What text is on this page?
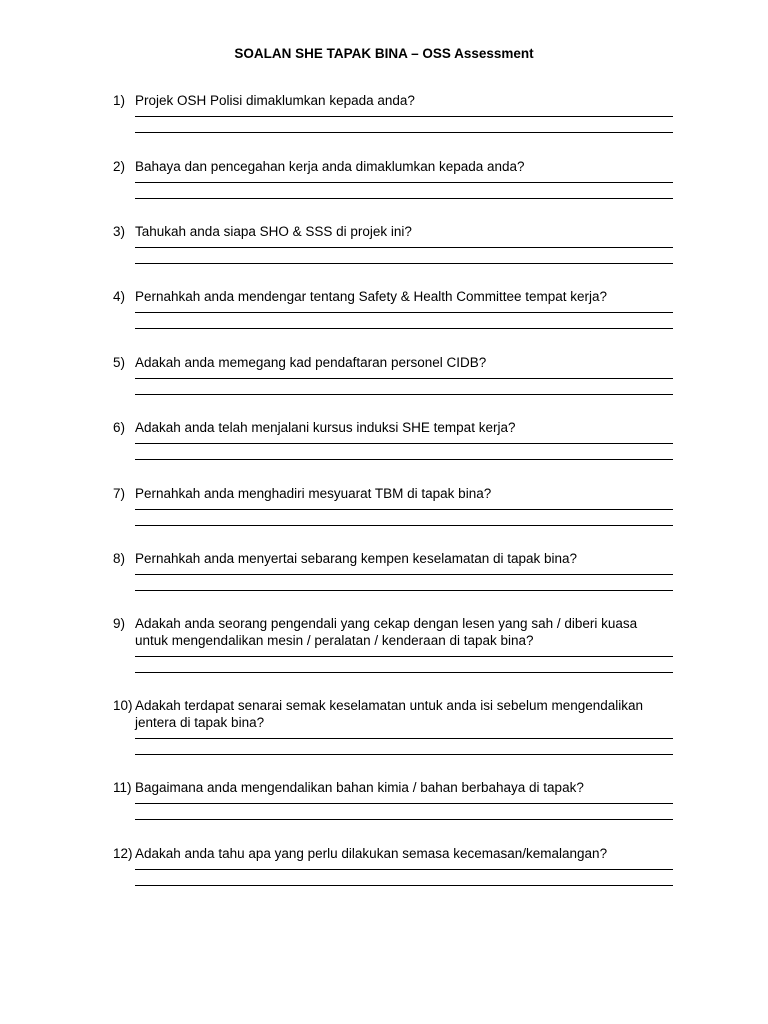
SOALAN SHE TAPAK BINA – OSS Assessment
1) Projek OSH Polisi dimaklumkan kepada anda?
2) Bahaya dan pencegahan kerja anda dimaklumkan kepada anda?
3) Tahukah anda siapa SHO & SSS di projek ini?
4) Pernahkah anda mendengar tentang Safety & Health Committee tempat kerja?
5) Adakah anda memegang kad pendaftaran personel CIDB?
6) Adakah anda telah menjalani kursus induksi SHE tempat kerja?
7) Pernahkah anda menghadiri mesyuarat TBM di tapak bina?
8) Pernahkah anda menyertai sebarang kempen keselamatan di tapak bina?
9) Adakah anda seorang pengendali yang cekap dengan lesen yang sah / diberi kuasa untuk mengendalikan mesin / peralatan / kenderaan di tapak bina?
10) Adakah terdapat senarai semak keselamatan untuk anda isi sebelum mengendalikan jentera di tapak bina?
11) Bagaimana anda mengendalikan bahan kimia / bahan berbahaya di tapak?
12) Adakah anda tahu apa yang perlu dilakukan semasa kecemasan/kemalangan?
